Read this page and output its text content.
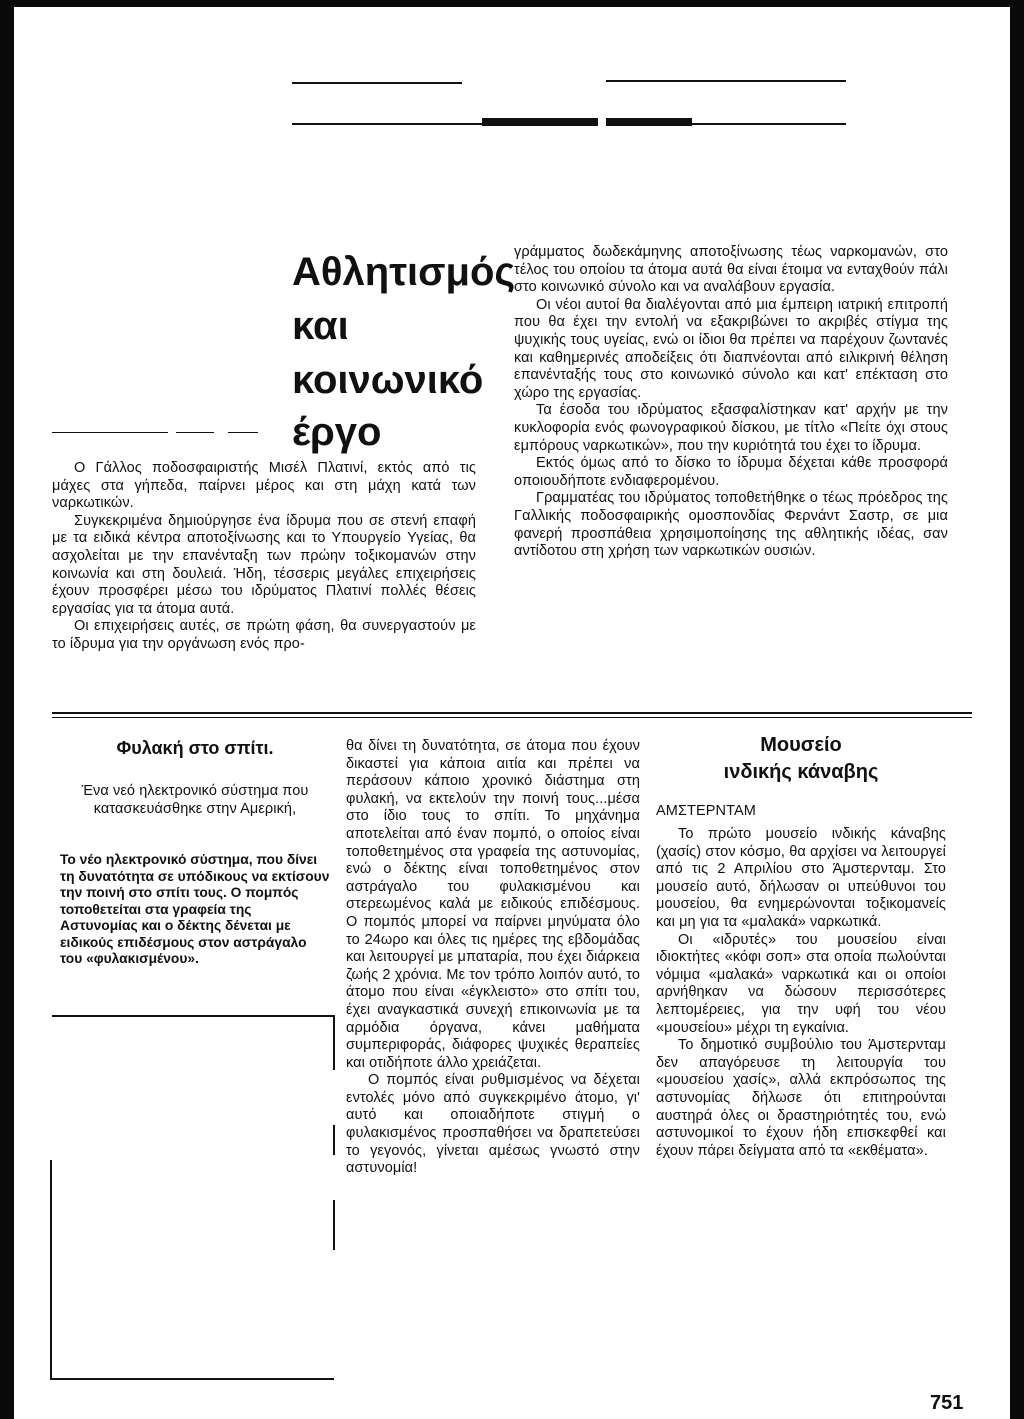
Αθλητισμός
και
κοινωνικό
έργο

Ο Γάλλος ποδοσφαιριστής Μισέλ Πλατινί, εκτός από τις μάχες στα γήπεδα, παίρνει μέρος και στη μάχη κατά των ναρκωτικών.

Συγκεκριμένα δημιούργησε ένα ίδρυμα που σε στενή επαφή με τα ειδικά κέντρα αποτοξίνωσης και το Υπουργείο Υγείας, θα ασχολείται με την επανένταξη των πρώην τοξικομανών στην κοινωνία και στη δουλειά. Ήδη, τέσσερις μεγάλες επιχειρήσεις έχουν προσφέρει μέσω του ιδρύματος Πλατινί πολλές θέσεις εργασίας για τα άτομα αυτά.

Οι επιχειρήσεις αυτές, σε πρώτη φάση, θα συνεργαστούν με το ίδρυμα για την οργάνωση ενός προ-

γράμματος δωδεκάμηνης αποτοξίνωσης τέως ναρκομανών, στο τέλος του οποίου τα άτομα αυτά θα είναι έτοιμα να ενταχθούν πάλι στο κοινωνικό σύνολο και να αναλάβουν εργασία.

Οι νέοι αυτοί θα διαλέγονται από μια έμπειρη ιατρική επιτροπή που θα έχει την εντολή να εξακριβώνει το ακριβές στίγμα της ψυχικής τους υγείας, ενώ οι ίδιοι θα πρέπει να παρέχουν ζωντανές και καθημερινές αποδείξεις ότι διαπνέονται από ειλικρινή θέληση επανένταξής τους στο κοινωνικό σύνολο και κατ' επέκταση στο χώρο της εργασίας.

Τα έσοδα του ιδρύματος εξασφαλίστηκαν κατ' αρχήν με την κυκλοφορία ενός φωνογραφικού δίσκου, με τίτλο «Πείτε όχι στους εμπόρους ναρκωτικών», που την κυριότητά του έχει το ίδρυμα.

Εκτός όμως από το δίσκο το ίδρυμα δέχεται κάθε προσφορά οποιουδήποτε ενδιαφερομένου.

Γραμματέας του ιδρύματος τοποθετήθηκε ο τέως πρόεδρος της Γαλλικής ποδοσφαιρικής ομοσπονδίας Φερνάντ Σαστρ, σε μια φανερή προσπάθεια χρησιμοποίησης της αθλητικής ιδέας, σαν αντίδοτου στη χρήση των ναρκωτικών ουσιών.

Φυλακή στο σπίτι.
Ένα νεό ηλεκτρονικό σύστημα που κατασκευάσθηκε στην Αμερική,
Το νέο ηλεκτρονικό σύστημα, που δίνει τη δυνατότητα σε υπόδικους να εκτίσουν την ποινή στο σπίτι τους. Ο πομπός τοποθετείται στα γραφεία της Αστυνομίας και ο δέκτης δένεται με ειδικούς επιδέσμους στον αστράγαλο του «φυλακισμένου».

θα δίνει τη δυνατότητα, σε άτομα που έχουν δικαστεί για κάποια αιτία και πρέπει να περάσουν κάποιο χρονικό διάστημα στη φυλακή, να εκτελούν την ποινή τους...μέσα στο ίδιο τους το σπίτι. Το μηχάνημα αποτελείται από έναν πομπό, ο οποίος είναι τοποθετημένος στα γραφεία της αστυνομίας, ενώ ο δέκτης είναι τοποθετημένος στον αστράγαλο του φυλακισμένου και στερεωμένος καλά με ειδικούς επιδέσμους. Ο πομπός μπορεί να παίρνει μηνύματα όλο το 24ωρο και όλες τις ημέρες της εβδομάδας και λειτουργεί με μπαταρία, που έχει διάρκεια ζωής 2 χρόνια. Με τον τρόπο λοιπόν αυτό, το άτομο που είναι «έγκλειστο» στο σπίτι του, έχει αναγκαστικά συνεχή επικοινωνία με τα αρμόδια όργανα, κάνει μαθήματα συμπεριφοράς, διάφορες ψυχικές θεραπείες και οτιδήποτε άλλο χρειάζεται.

Ο πομπός είναι ρυθμισμένος να δέχεται εντολές μόνο από συγκεκριμένο άτομο, γι' αυτό και οποιαδήποτε στιγμή ο φυλακισμένος προσπαθήσει να δραπετεύσει το γεγονός, γίνεται αμέσως γνωστό στην αστυνομία!

Μουσείο
ινδικής κάναβης
ΑΜΣΤΕΡΝΤΑΜ

Το πρώτο μουσείο ινδικής κάναβης (χασίς) στον κόσμο, θα αρχίσει να λειτουργεί από τις 2 Απριλίου στο Άμστερνταμ. Στο μουσείο αυτό, δήλωσαν οι υπεύθυνοι του μουσείου, θα ενημερώνονται τοξικομανείς και μη για τα «μαλακά» ναρκωτικά.

Οι «ιδρυτές» του μουσείου είναι ιδιοκτήτες «κόφι σοπ» στα οποία πωλούνται νόμιμα «μαλακά» ναρκωτικά και οι οποίοι αρνήθηκαν να δώσουν περισσότερες λεπτομέρειες, για την υφή του νέου «μουσείου» μέχρι τη εγκαίνια.

Το δημοτικό συμβούλιο του Άμστερνταμ δεν απαγόρευσε τη λειτουργία του «μουσείου χασίς», αλλά εκπρόσωπος της αστυνομίας δήλωσε ότι επιτηρούνται αυστηρά όλες οι δραστηριότητές του, ενώ αστυνομικοί το έχουν ήδη επισκεφθεί και έχουν πάρει δείγματα από τα «εκθέματα».

751
